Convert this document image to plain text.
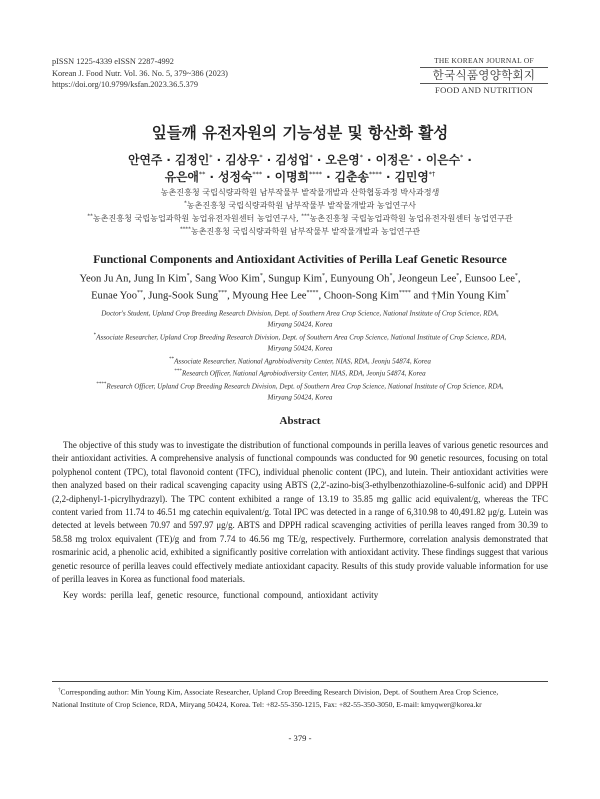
pISSN 1225-4339 eISSN 2287-4992
Korean J. Food Nutr. Vol. 36. No. 5, 379~386 (2023)
https://doi.org/10.9799/ksfan.2023.36.5.379
THE KOREAN JOURNAL OF
한국식품영양학회지
FOOD AND NUTRITION
잎들깨 유전자원의 기능성분 및 항산화 활성
안연주 · 김정인* · 김상우* · 김성업* · 오은영* · 이정은* · 이은수* ·
유은애** · 성정숙*** · 이명희**** · 김춘송**** · 김민영*†
농촌진흥청 국립식량과학원 남부작물부 밭작물개발과 산학협동과정 박사과정생
*농촌진흥청 국립식량과학원 남부작물부 밭작물개발과 농업연구사
**농촌진흥청 국립농업과학원 농업유전자원센터 농업연구사, ***농촌진흥청 국립농업과학원 농업유전자원센터 농업연구관
****농촌진흥청 국립식량과학원 남부작물부 밭작물개발과 농업연구관
Functional Components and Antioxidant Activities of Perilla Leaf Genetic Resource
Yeon Ju An, Jung In Kim*, Sang Woo Kim*, Sungup Kim*, Eunyoung Oh*, Jeongeun Lee*, Eunsoo Lee*,
Eunae Yoo**, Jung-Sook Sung***, Myoung Hee Lee****, Choon-Song Kim**** and †Min Young Kim*
Doctor's Student, Upland Crop Breeding Research Division, Dept. of Southern Area Crop Science, National Institute of Crop Science, RDA,
Miryang 50424, Korea
*Associate Researcher, Upland Crop Breeding Research Division, Dept. of Southern Area Crop Science, National Institute of Crop Science, RDA,
Miryang 50424, Korea
**Associate Researcher, National Agrobiodiversity Center, NIAS, RDA, Jeonju 54874, Korea
***Research Officer, National Agrobiodiversity Center, NIAS, RDA, Jeonju 54874, Korea
****Research Officer, Upland Crop Breeding Research Division, Dept. of Southern Area Crop Science, National Institute of Crop Science, RDA,
Miryang 50424, Korea
Abstract

The objective of this study was to investigate the distribution of functional compounds in perilla leaves of various genetic resources and their antioxidant activities. A comprehensive analysis of functional compounds was conducted for 90 genetic resources, focusing on total polyphenol content (TPC), total flavonoid content (TFC), individual phenolic content (IPC), and lutein. Their antioxidant activities were then analyzed based on their radical scavenging capacity using ABTS (2,2'-azino-bis(3-ethylbenzothiazoline-6-sulfonic acid) and DPPH (2,2-diphenyl-1-picrylhydrazyl). The TPC content exhibited a range of 13.19 to 35.85 mg gallic acid equivalent/g, whereas the TFC content varied from 11.74 to 46.51 mg catechin equivalent/g. Total IPC was detected in a range of 6,310.98 to 40,491.82 μg/g. Lutein was detected at levels between 70.97 and 597.97 μg/g. ABTS and DPPH radical scavenging activities of perilla leaves ranged from 30.39 to 58.58 mg trolox equivalent (TE)/g and from 7.74 to 46.56 mg TE/g, respectively. Furthermore, correlation analysis demonstrated that rosmarinic acid, a phenolic acid, exhibited a significantly positive correlation with antioxidant activity. These findings suggest that various genetic resource of perilla leaves could effectively mediate antioxidant capacity. Results of this study provide valuable information for use of perilla leaves in Korea as functional food materials.

Key words: perilla leaf, genetic resource, functional compound, antioxidant activity
†Corresponding author: Min Young Kim, Associate Researcher, Upland Crop Breeding Research Division, Dept. of Southern Area Crop Science,
National Institute of Crop Science, RDA, Miryang 50424, Korea. Tel: +82-55-350-1215, Fax: +82-55-350-3050, E-mail: kmyqwer@korea.kr
- 379 -
